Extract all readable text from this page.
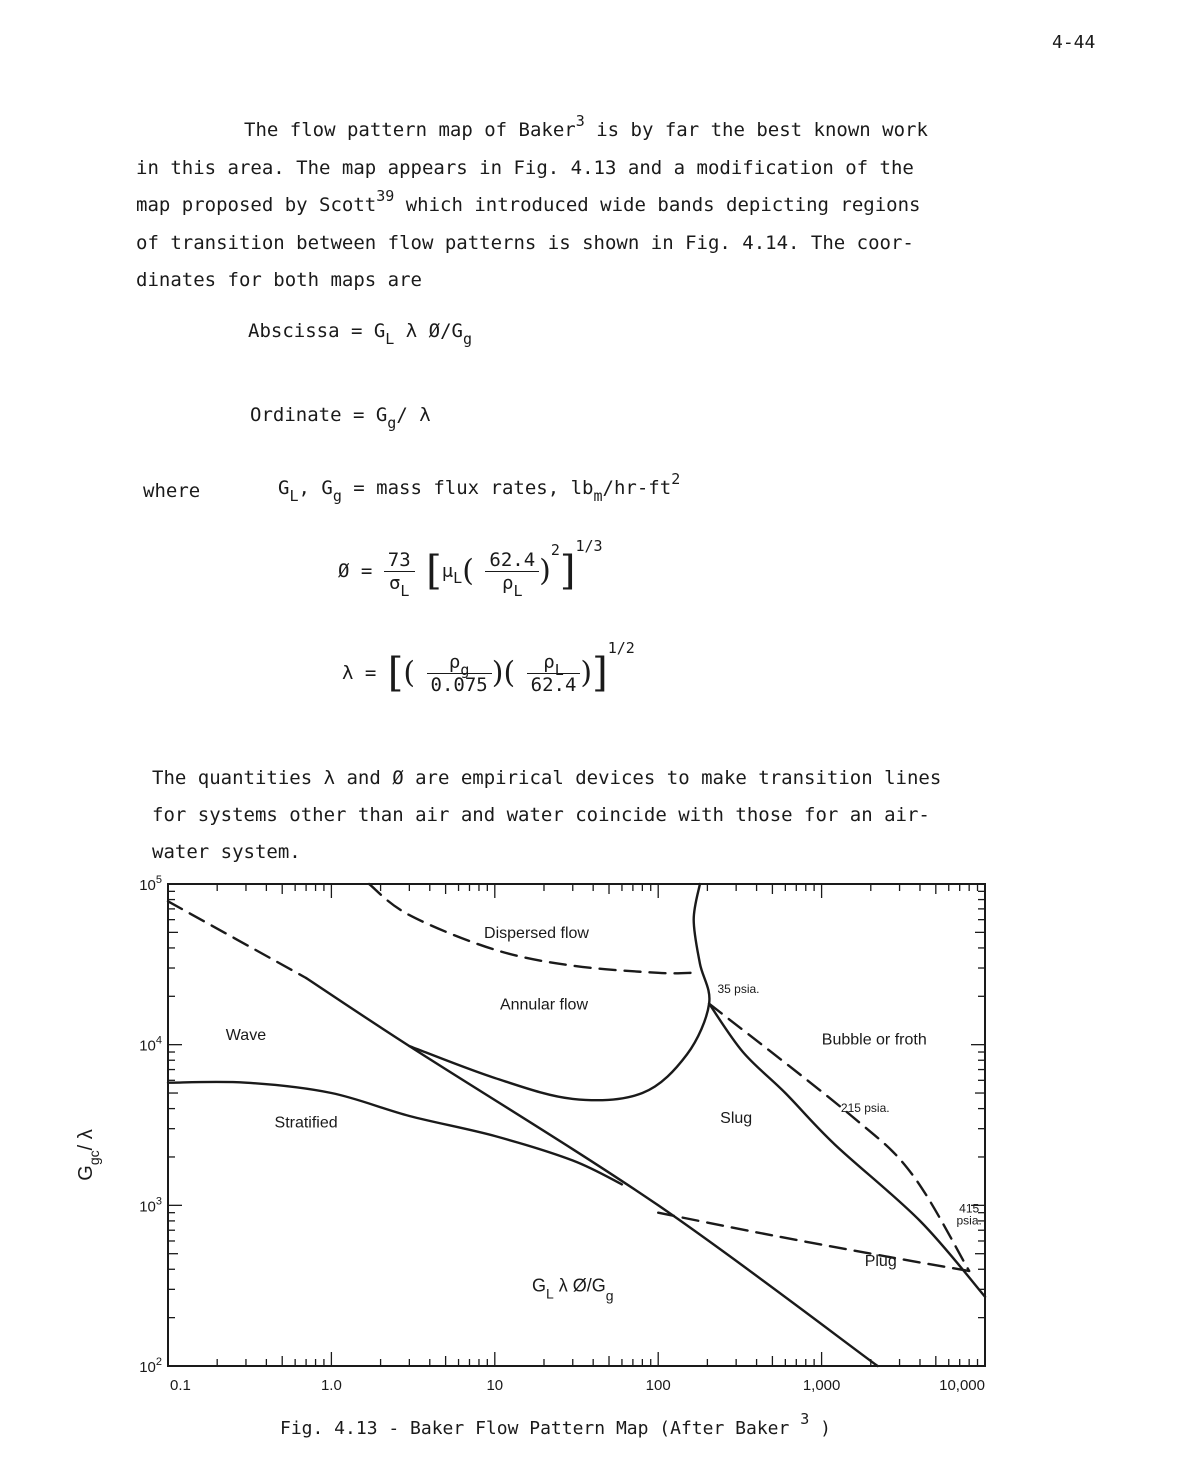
4-44
The flow pattern map of Baker$^3$ is by far the best known work
in this area. The map appears in Fig. 4.13 and a modification of the
map proposed by Scott$^{39}$ which introduced wide bands depicting regions
of transition between flow patterns is shown in Fig. 4.14. The coor-
dinates for both maps are
Abscissa = $G_L$ λ $Ø/G_g$
Ordinate = $G_g/$ λ
where	$G_L$, $G_g$ = mass flux rates, $lb_m/hr-ft^2$
Ø = $\frac{73}{\sigma_L} [\mu_L( \frac{62.4}{\rho_L} )^2]^{1/3}$
λ = [( $\frac{\rho_g}{0.075}$ )( $\frac{\rho_L}{62.4} )]^{1/2}$
The quantities λ and Ø are empirical devices to make transition lines
for systems other than air and water coincide with those for an air-
water system.
0.1	1.0	10	100	1,000	10,000
$10^2$
$10^3$
$10^4$
$10^5$
$G_{gc}/$ λ
$G_L$ λ $Ø/G_g$
Dispersed flow
Annular flow
Wave	Bubble or froth
Stratified	Slug
Plug
35 psia.
215 psia.
415
psia.
Fig. 4.13 - Baker Flow Pattern Map (After Baker $^3$ )
